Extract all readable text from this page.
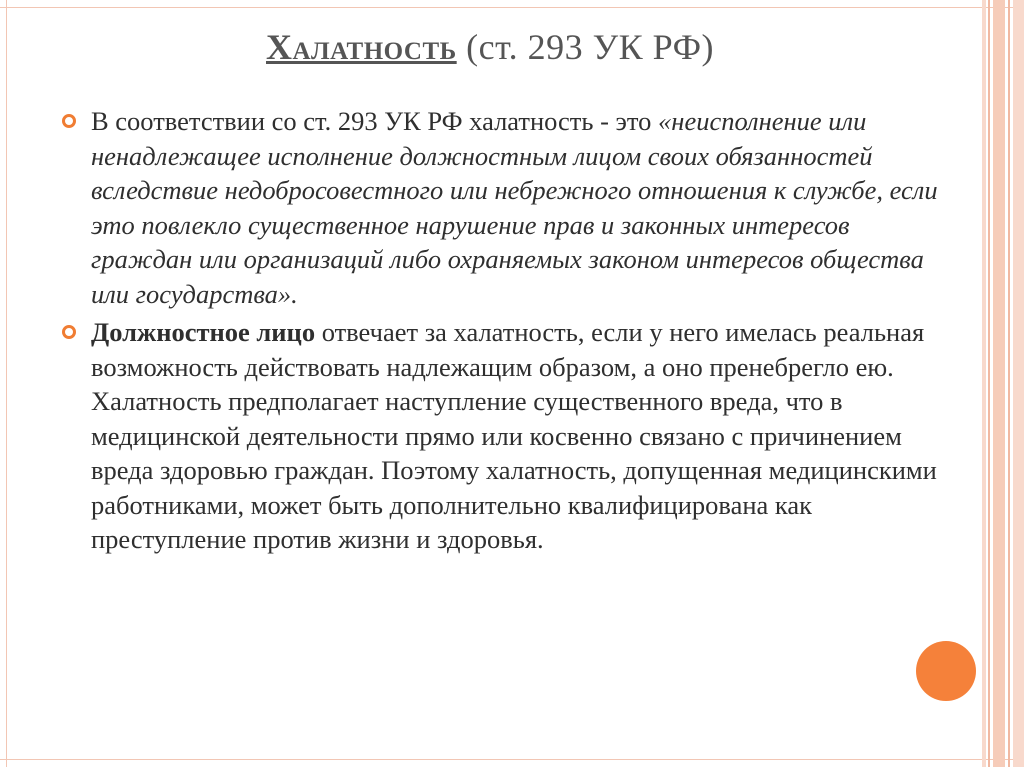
Халатность (ст. 293 УК РФ)
В соответствии со ст. 293 УК РФ халатность - это «неисполнение или ненадлежащее исполнение должностным лицом своих обязанностей вследствие недобросовестного или небрежного отношения к службе, если это повлекло существенное нарушение прав и законных интересов граждан или организаций либо охраняемых законом интересов общества или государства».
Должностное лицо отвечает за халатность, если у него имелась реальная возможность действовать надлежащим образом, а оно пренебрегло ею. Халатность предполагает наступление существенного вреда, что в медицинской деятельности прямо или косвенно связано с причинением вреда здоровью граждан. Поэтому халатность, допущенная медицинскими работниками, может быть дополнительно квалифицирована как преступление против жизни и здоровья.
